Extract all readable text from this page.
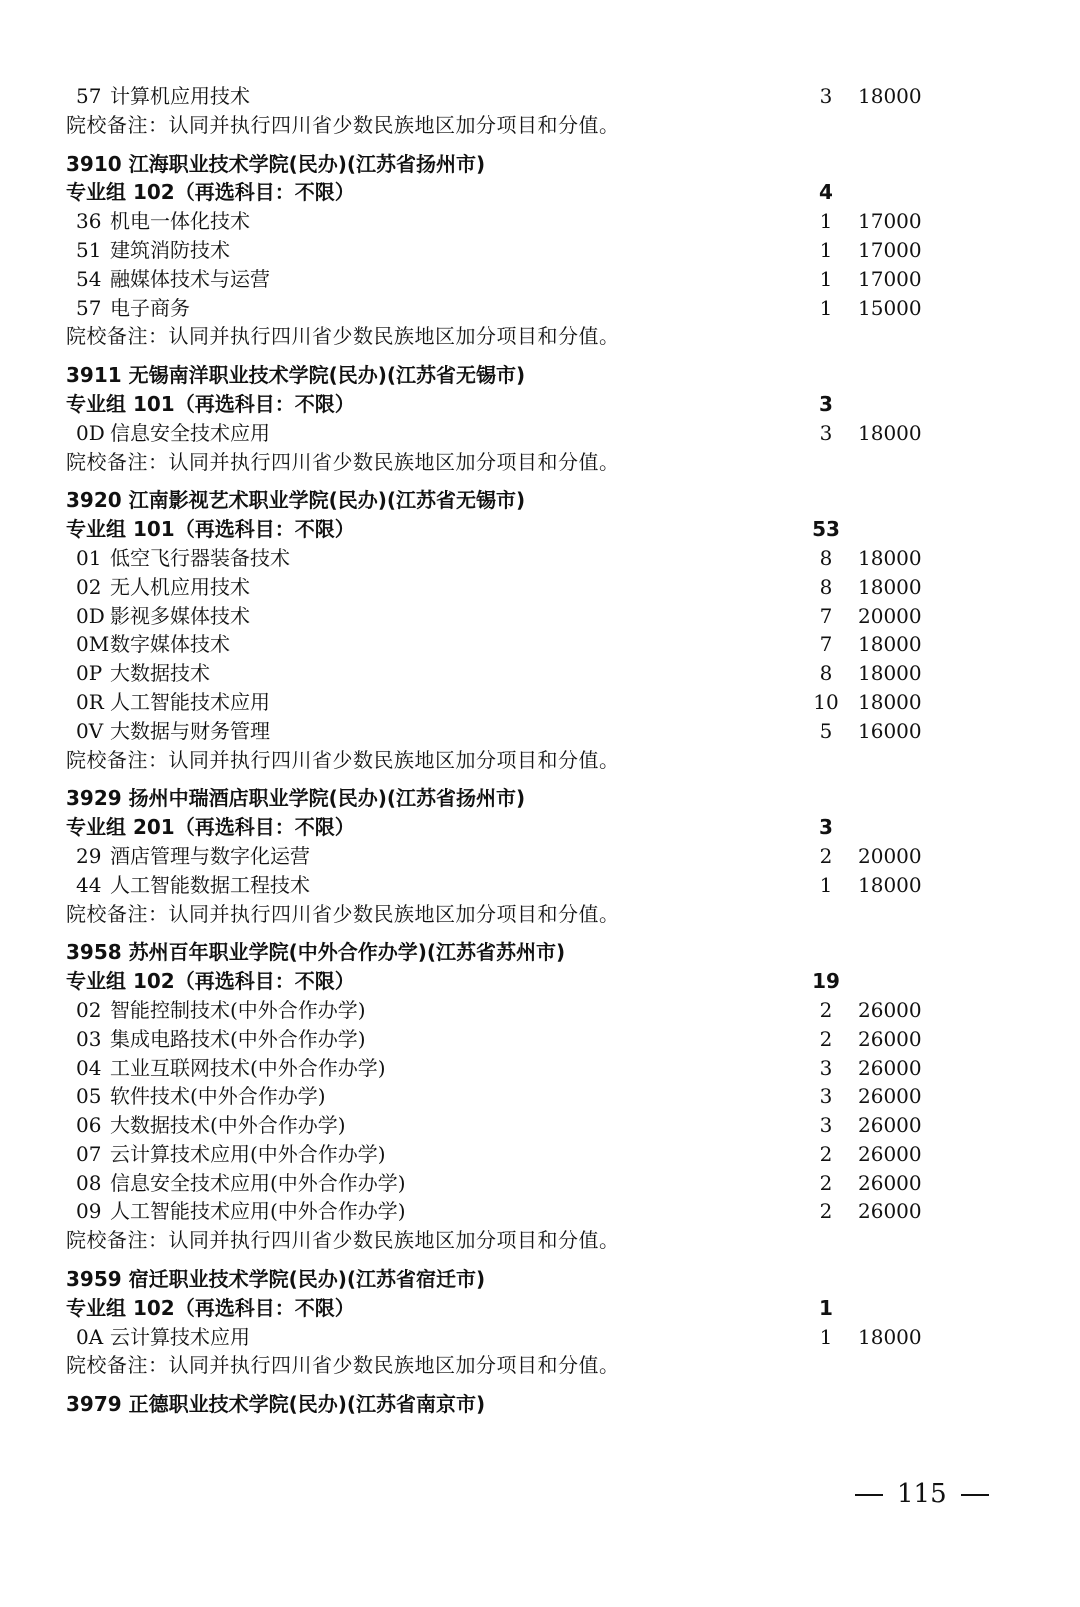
57 计算机应用技术	3	18000
院校备注：认同并执行四川省少数民族地区加分项目和分值。
3910 江海职业技术学院(民办)(江苏省扬州市)
专业组 102（再选科目：不限）	4
36 机电一体化技术	1	17000
51 建筑消防技术	1	17000
54 融媒体技术与运营	1	17000
57 电子商务	1	15000
院校备注：认同并执行四川省少数民族地区加分项目和分值。
3911 无锡南洋职业技术学院(民办)(江苏省无锡市)
专业组 101（再选科目：不限）	3
0D 信息安全技术应用	3	18000
院校备注：认同并执行四川省少数民族地区加分项目和分值。
3920 江南影视艺术职业学院(民办)(江苏省无锡市)
专业组 101（再选科目：不限）	53
01 低空飞行器装备技术	8	18000
02 无人机应用技术	8	18000
0D 影视多媒体技术	7	20000
0M数字媒体技术	7	18000
0P 大数据技术	8	18000
0R 人工智能技术应用	10 18000
0V 大数据与财务管理	5	16000
院校备注：认同并执行四川省少数民族地区加分项目和分值。
3929 扬州中瑞酒店职业学院(民办)(江苏省扬州市)
专业组 201（再选科目：不限）	3
29 酒店管理与数字化运营	2	20000
44 人工智能数据工程技术	1	18000
院校备注：认同并执行四川省少数民族地区加分项目和分值。
3958 苏州百年职业学院(中外合作办学)(江苏省苏州市)
专业组 102（再选科目：不限）	19
02 智能控制技术(中外合作办学)	2	26000
03 集成电路技术(中外合作办学)	2	26000
04 工业互联网技术(中外合作办学)	3	26000
05 软件技术(中外合作办学)	3	26000
06 大数据技术(中外合作办学)	3	26000
07 云计算技术应用(中外合作办学)	2	26000
08 信息安全技术应用(中外合作办学)	2	26000
09 人工智能技术应用(中外合作办学)	2	26000
院校备注：认同并执行四川省少数民族地区加分项目和分值。
3959 宿迁职业技术学院(民办)(江苏省宿迁市)
专业组 102（再选科目：不限）	1
0A 云计算技术应用	1	18000
院校备注：认同并执行四川省少数民族地区加分项目和分值。
3979 正德职业技术学院(民办)(江苏省南京市)
115
